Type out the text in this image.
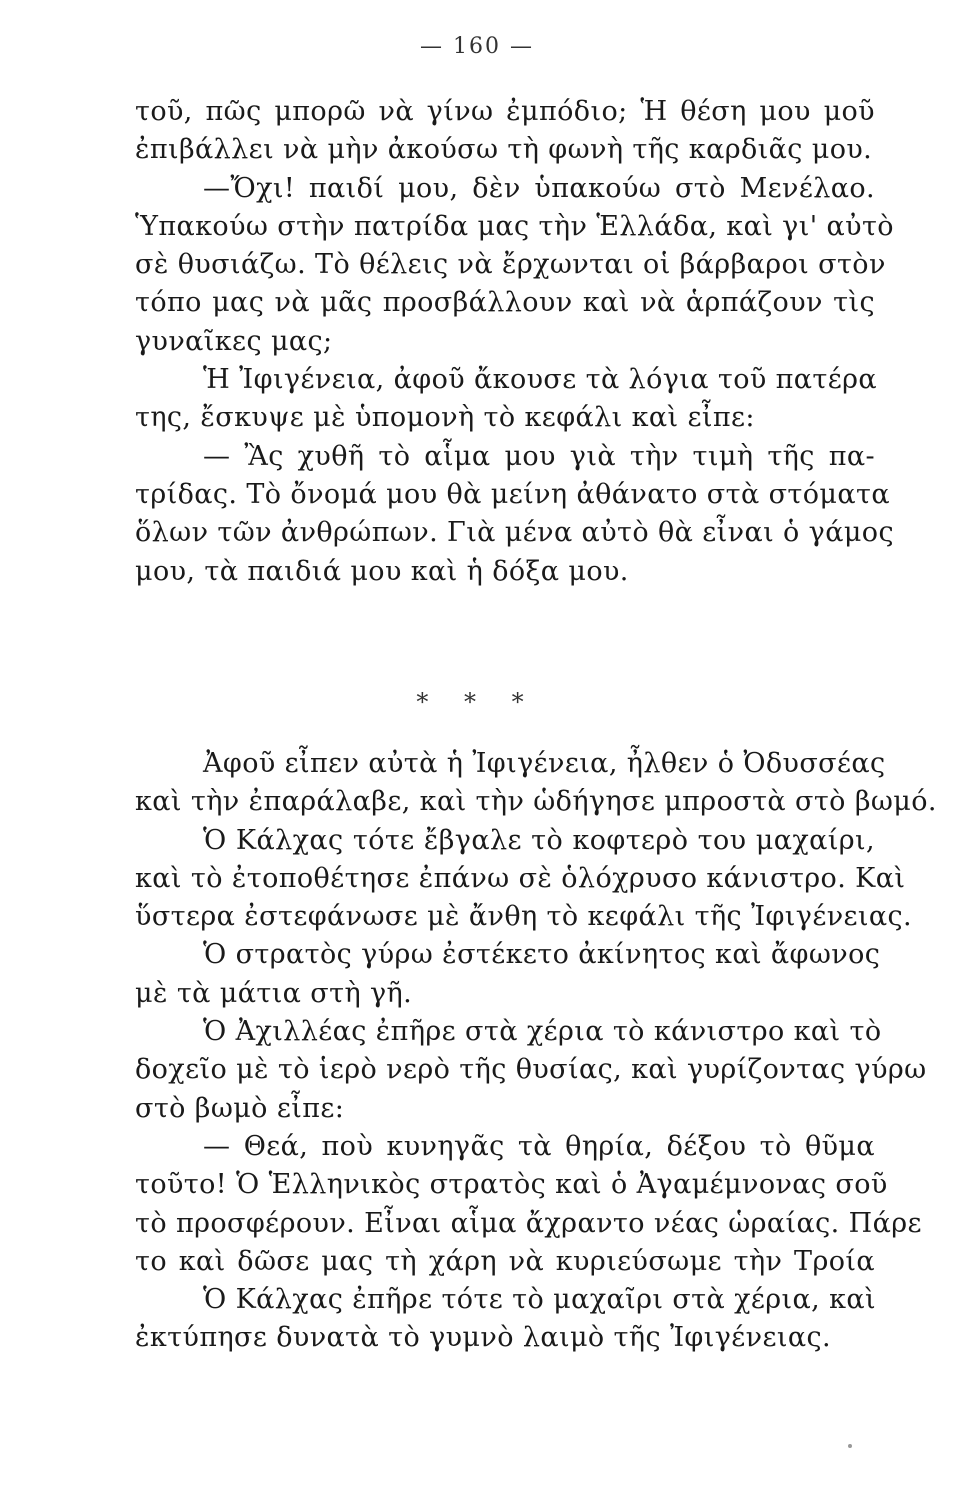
— 160 —
τοῦ, πῶς μπορῶ νὰ γίνω ἐμπόδιο; Ἡ θέση μου μοῦ
ἐπιβάλλει νὰ μὴν ἀκούσω τὴ φωνὴ τῆς καρδιᾶς μου.
—Ὄχι! παιδί μου, δὲν ὑπακούω στὸ Μενέλαο.
Ὑπακούω στὴν πατρίδα μας τὴν Ἑλλάδα, καὶ γι' αὐτὸ
σὲ θυσιάζω. Τὸ θέλεις νὰ ἔρχωνται οἱ βάρβαροι στὸν
τόπο μας νὰ μᾶς προσβάλλουν καὶ νὰ ἁρπάζουν τὶς
γυναῖκες μας;
Ἡ Ἰφιγένεια, ἀφοῦ ἄκουσε τὰ λόγια τοῦ πατέρα
της, ἔσκυψε μὲ ὑπομονὴ τὸ κεφάλι καὶ εἶπε:
— Ἂς χυθῆ τὸ αἷμα μου γιὰ τὴν τιμὴ τῆς πα-
τρίδας. Τὸ ὄνομά μου θὰ μείνη ἀθάνατο στὰ στόματα
ὅλων τῶν ἀνθρώπων. Γιὰ μένα αὐτὸ θὰ εἶναι ὁ γάμος
μου, τὰ παιδιά μου καὶ ἡ δόξα μου.
* * *
Ἀφοῦ εἶπεν αὐτὰ ἡ Ἰφιγένεια, ἦλθεν ὁ Ὀδυσσέας
καὶ τὴν ἐπαράλαβε, καὶ τὴν ὡδήγησε μπροστὰ στὸ βωμό.
Ὁ Κάλχας τότε ἔβγαλε τὸ κοφτερὸ του μαχαίρι,
καὶ τὸ ἐτοποθέτησε ἐπάνω σὲ ὁλόχρυσο κάνιστρο. Καὶ
ὕστερα ἐστεφάνωσε μὲ ἄνθη τὸ κεφάλι τῆς Ἰφιγένειας.
Ὁ στρατὸς γύρω ἐστέκετο ἀκίνητος καὶ ἄφωνος
μὲ τὰ μάτια στὴ γῆ.
Ὁ Ἀχιλλέας ἐπῆρε στὰ χέρια τὸ κάνιστρο καὶ τὸ
δοχεῖο μὲ τὸ ἱερὸ νερὸ τῆς θυσίας, καὶ γυρίζοντας γύρω
στὸ βωμὸ εἶπε:
— Θεά, ποὺ κυνηγᾶς τὰ θηρία, δέξου τὸ θῦμα
τοῦτο! Ὁ Ἑλληνικὸς στρατὸς καὶ ὁ Ἀγαμέμνονας σοῦ
τὸ προσφέρουν. Εἶναι αἷμα ἄχραντο νέας ὡραίας. Πάρε
το καὶ δῶσε μας τὴ χάρη νὰ κυριεύσωμε τὴν Τροία
Ὁ Κάλχας ἐπῆρε τότε τὸ μαχαῖρι στὰ χέρια, καὶ
ἐκτύπησε δυνατὰ τὸ γυμνὸ λαιμὸ τῆς Ἰφιγένειας.
